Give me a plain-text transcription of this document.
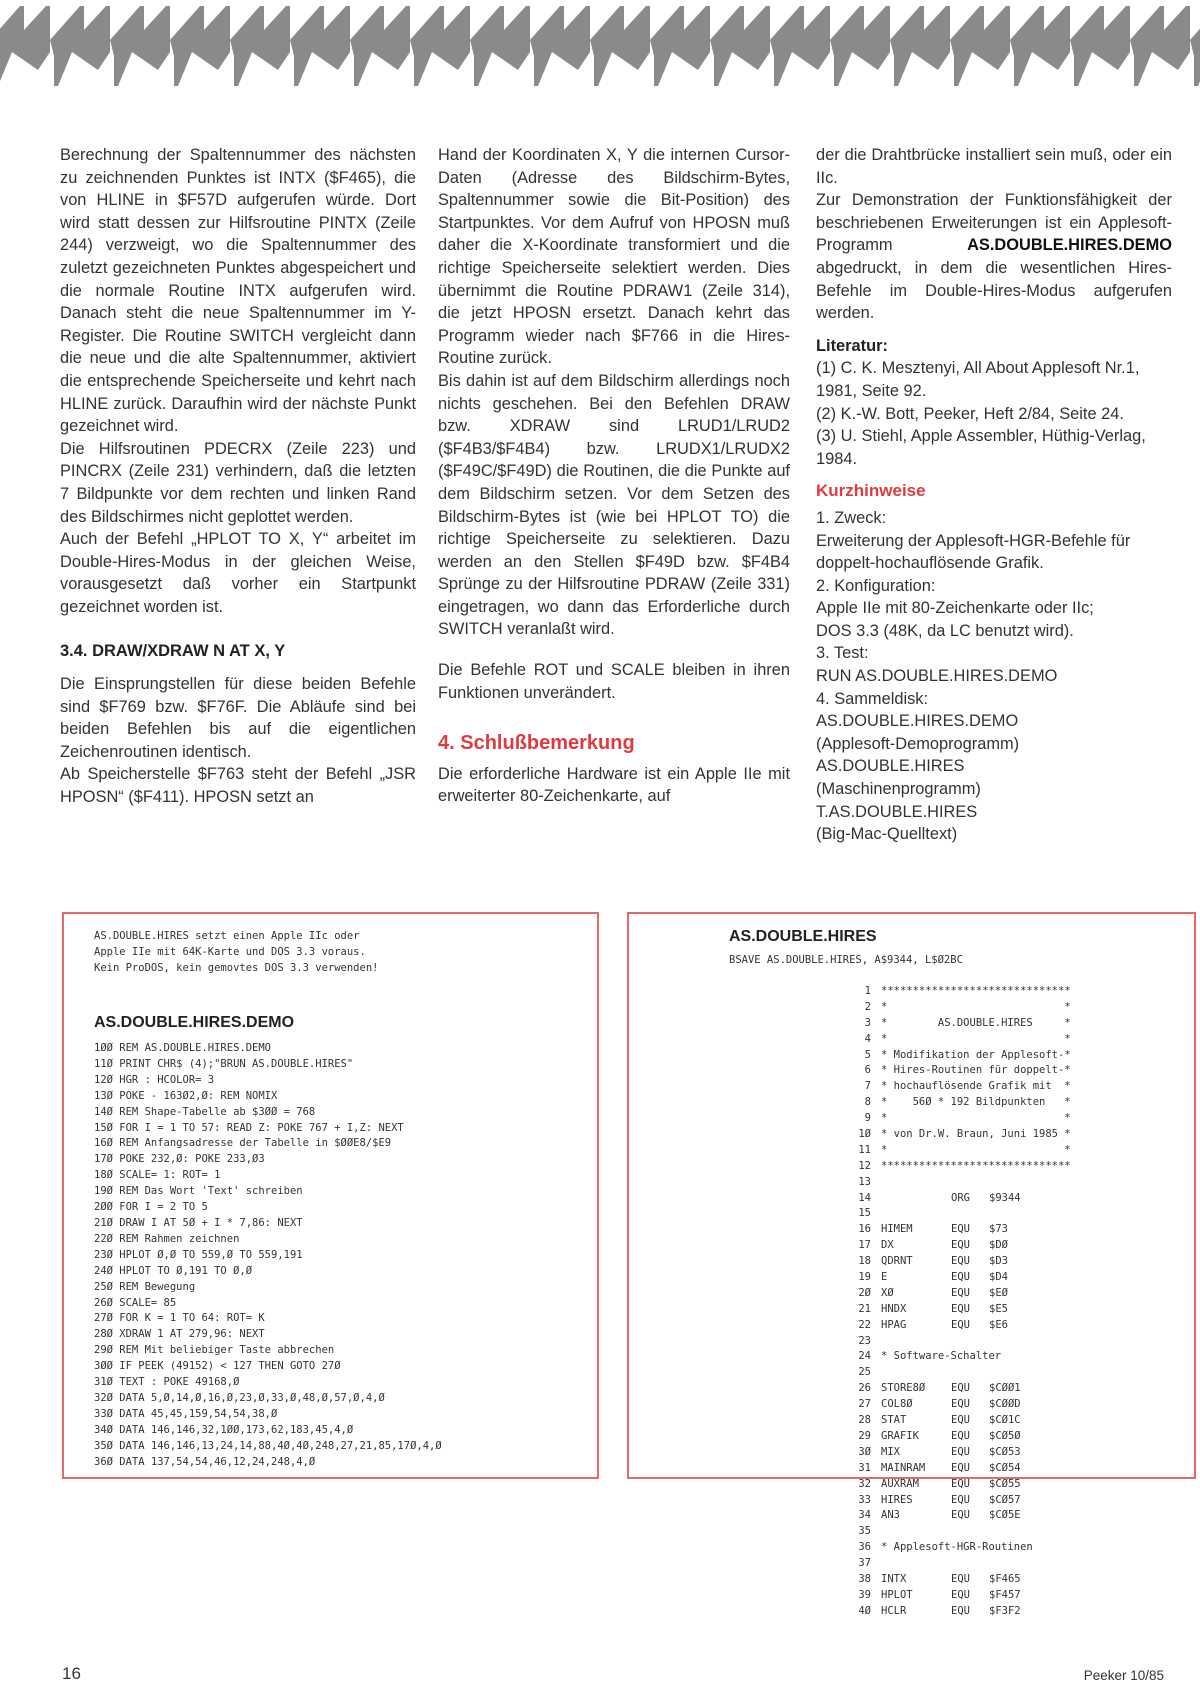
Berechnung der Spaltennummer des nächsten zu zeichnenden Punktes ist INTX ($F465), die von HLINE in $F57D aufgerufen würde. Dort wird statt dessen zur Hilfsroutine PINTX (Zeile 244) verzweigt, wo die Spaltennummer des zuletzt gezeichneten Punktes abgespeichert und die normale Routine INTX aufgerufen wird. Danach steht die neue Spaltennummer im Y-Register. Die Routine SWITCH vergleicht dann die neue und die alte Spaltennummer, aktiviert die entsprechende Speicherseite und kehrt nach HLINE zurück. Daraufhin wird der nächste Punkt gezeichnet wird.

Die Hilfsroutinen PDECRX (Zeile 223) und PINCRX (Zeile 231) verhindern, daß die letzten 7 Bildpunkte vor dem rechten und linken Rand des Bildschirmes nicht geplottet werden.

Auch der Befehl „HPLOT TO X, Y“ arbeitet im Double-Hires-Modus in der gleichen Weise, vorausgesetzt daß vorher ein Startpunkt gezeichnet worden ist.

3.4. DRAW/XDRAW N AT X, Y

Die Einsprungstellen für diese beiden Befehle sind $F769 bzw. $F76F. Die Abläufe sind bei beiden Befehlen bis auf die eigentlichen Zeichenroutinen identisch.

Ab Speicherstelle $F763 steht der Befehl „JSR HPOSN“ ($F411). HPOSN setzt an

Hand der Koordinaten X, Y die internen Cursor-Daten (Adresse des Bildschirm-Bytes, Spaltennummer sowie die Bit-Position) des Startpunktes. Vor dem Aufruf von HPOSN muß daher die X-Koordinate transformiert und die richtige Speicherseite selektiert werden. Dies übernimmt die Routine PDRAW1 (Zeile 314), die jetzt HPOSN ersetzt. Danach kehrt das Programm wieder nach $F766 in die Hires-Routine zurück.

Bis dahin ist auf dem Bildschirm allerdings noch nichts geschehen. Bei den Befehlen DRAW bzw. XDRAW sind LRUD1/LRUD2 ($F4B3/$F4B4) bzw. LRUDX1/LRUDX2 ($F49C/$F49D) die Routinen, die die Punkte auf dem Bildschirm setzen. Vor dem Setzen des Bildschirm-Bytes ist (wie bei HPLOT TO) die richtige Speicherseite zu selektieren. Dazu werden an den Stellen $F49D bzw. $F4B4 Sprünge zu der Hilfsroutine PDRAW (Zeile 331) eingetragen, wo dann das Erforderliche durch SWITCH veranlaßt wird.

Die Befehle ROT und SCALE bleiben in ihren Funktionen unverändert.

4. Schlußbemerkung

Die erforderliche Hardware ist ein Apple IIe mit erweiterter 80-Zeichenkarte, auf

der die Drahtbrücke installiert sein muß, oder ein IIc.

Zur Demonstration der Funktionsfähigkeit der beschriebenen Erweiterungen ist ein Applesoft-Programm AS.DOUBLE.HIRES.DEMO abgedruckt, in dem die wesentlichen Hires-Befehle im Double-Hires-Modus aufgerufen werden.

Literatur:

(1) C. K. Mesztenyi, All About Applesoft Nr.1, 1981, Seite 92.

(2) K.-W. Bott, Peeker, Heft 2/84, Seite 24.

(3) U. Stiehl, Apple Assembler, Hüthig-Verlag, 1984.

Kurzhinweise

1. Zweck:

Erweiterung der Applesoft-HGR-Befehle für doppelt-hochauflösende Grafik.

2. Konfiguration:

Apple IIe mit 80-Zeichenkarte oder IIc;

DOS 3.3 (48K, da LC benutzt wird).

3. Test:

RUN AS.DOUBLE.HIRES.DEMO

4. Sammeldisk:

AS.DOUBLE.HIRES.DEMO

(Applesoft-Demoprogramm)

AS.DOUBLE.HIRES

(Maschinenprogramm)

T.AS.DOUBLE.HIRES

(Big-Mac-Quelltext)

AS.DOUBLE.HIRES setzt einen Apple IIc oder
Apple IIe mit 64K-Karte und DOS 3.3 voraus.
Kein ProDOS, kein gemovtes DOS 3.3 verwenden!
AS.DOUBLE.HIRES.DEMO
1ØØ REM AS.DOUBLE.HIRES.DEMO
11Ø PRINT CHR$ (4);"BRUN AS.DOUBLE.HIRES"
12Ø HGR : HCOLOR= 3
13Ø POKE - 163Ø2,Ø: REM NOMIX
14Ø REM Shape-Tabelle ab $3ØØ = 768
15Ø FOR I = 1 TO 57: READ Z: POKE 767 + I,Z: NEXT
16Ø REM Anfangsadresse der Tabelle in $ØØE8/$E9
17Ø POKE 232,Ø: POKE 233,Ø3
18Ø SCALE= 1: ROT= 1
19Ø REM Das Wort 'Text' schreiben
2ØØ FOR I = 2 TO 5
21Ø DRAW I AT 5Ø + I * 7,86: NEXT
22Ø REM Rahmen zeichnen
23Ø HPLOT Ø,Ø TO 559,Ø TO 559,191
24Ø HPLOT TO Ø,191 TO Ø,Ø
25Ø REM Bewegung
26Ø SCALE= 85
27Ø FOR K = 1 TO 64: ROT= K
28Ø XDRAW 1 AT 279,96: NEXT
29Ø REM Mit beliebiger Taste abbrechen
3ØØ IF PEEK (49152) < 127 THEN GOTO 27Ø
31Ø TEXT : POKE 49168,Ø
32Ø DATA 5,Ø,14,Ø,16,Ø,23,Ø,33,Ø,48,Ø,57,Ø,4,Ø
33Ø DATA 45,45,159,54,54,38,Ø
34Ø DATA 146,146,32,1ØØ,173,62,183,45,4,Ø
35Ø DATA 146,146,13,24,14,88,4Ø,4Ø,248,27,21,85,17Ø,4,Ø
36Ø DATA 137,54,54,46,12,24,248,4,Ø
AS.DOUBLE.HIRES
BSAVE AS.DOUBLE.HIRES, A$9344, L$Ø2BC
1 ******************************
2 *                            *
3 *        AS.DOUBLE.HIRES     *
4 *                            *
5 * Modifikation der Applesoft-*
6 * Hires-Routinen für doppelt-*
7 * hochauflösende Grafik mit  *
8 *    56Ø * 192 Bildpunkten   *
9 *                            *
1Ø * von Dr.W. Braun, Juni 1985 *
11 *                            *
12 ******************************
13
14	ORG	$9344
15
16 HIMEM	EQU	$73
17 DX	EQU	$DØ
18 QDRNT	EQU	$D3
19 E	EQU	$D4
2Ø XØ	EQU	$EØ
21 HNDX	EQU	$E5
22 HPAG	EQU	$E6
23
24 * Software-Schalter
25
26 STORE8Ø	EQU	$CØØ1
27 COL8Ø	EQU	$CØØD
28 STAT	EQU	$CØ1C
29 GRAFIK	EQU	$CØ5Ø
3Ø MIX	EQU	$CØ53
31 MAINRAM	EQU	$CØ54
32 AUXRAM	EQU	$CØ55
33 HIRES	EQU	$CØ57
34 AN3	EQU	$CØ5E
35
36 * Applesoft-HGR-Routinen
37
38 INTX	EQU	$F465
39 HPLOT	EQU	$F457
4Ø HCLR	EQU	$F3F2
16	Peeker 10/85
